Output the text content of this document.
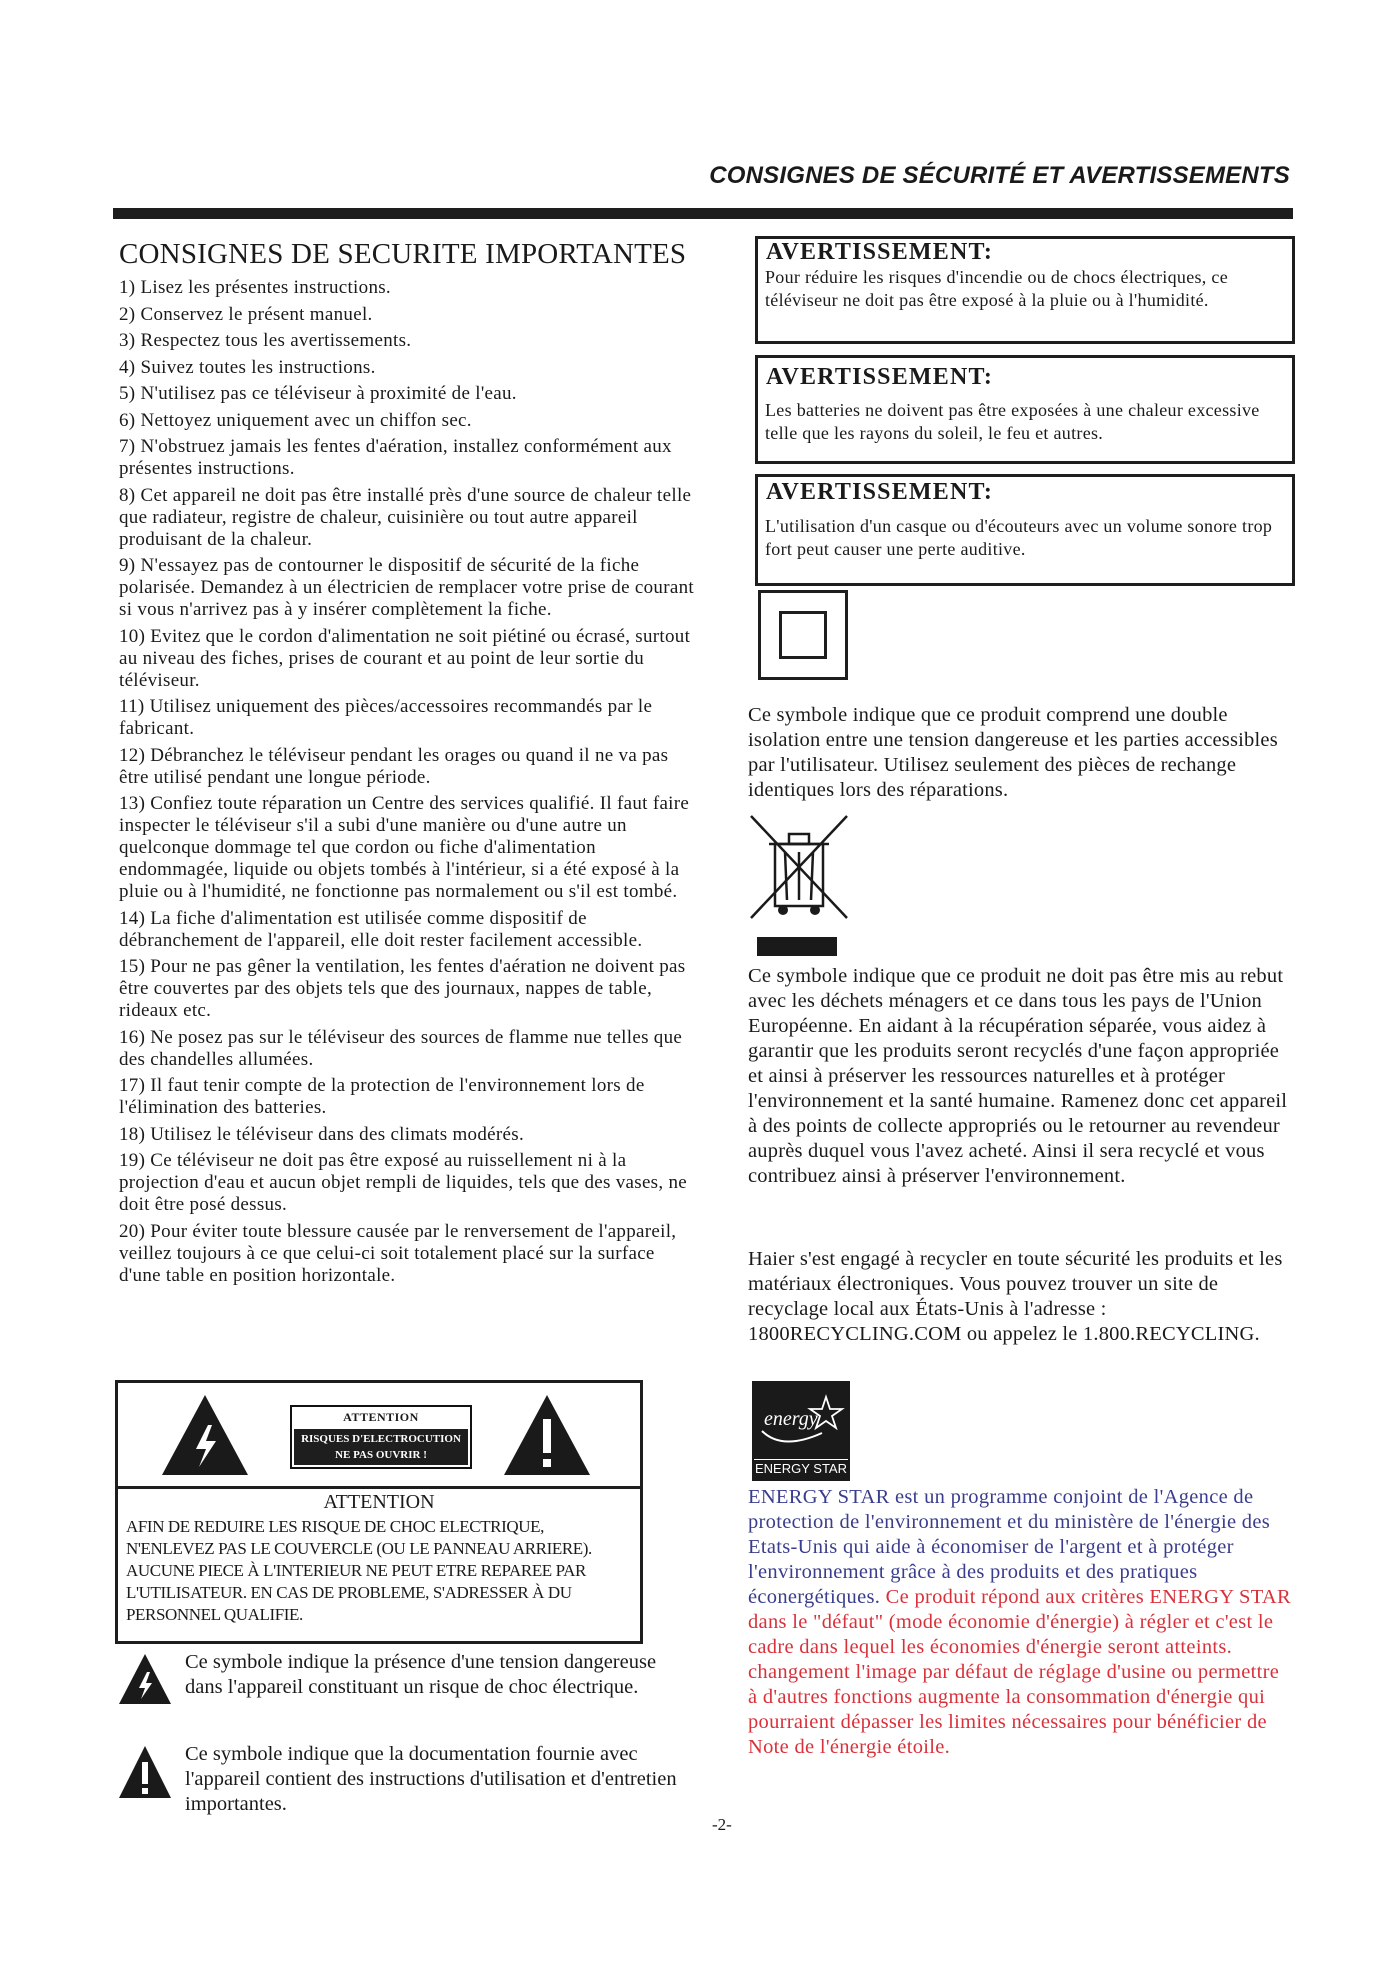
CONSIGNES DE SÉCURITÉ ET AVERTISSEMENTS
CONSIGNES DE SECURITE IMPORTANTES
1) Lisez les présentes instructions.
2) Conservez le présent manuel.
3) Respectez tous les avertissements.
4) Suivez toutes les instructions.
5) N'utilisez pas ce téléviseur à proximité de l'eau.
6) Nettoyez uniquement avec un chiffon sec.
7) N'obstruez jamais les fentes d'aération, installez conformément aux présentes instructions.
8) Cet appareil ne doit pas être installé près d'une source de chaleur telle que radiateur, registre de chaleur, cuisinière ou tout autre appareil produisant de la chaleur.
9) N'essayez pas de contourner le dispositif de sécurité de la fiche polarisée. Demandez à un électricien de remplacer votre prise de courant si vous n'arrivez pas à y insérer complètement la fiche.
10) Evitez que le cordon d'alimentation ne soit piétiné ou écrasé, surtout au niveau des fiches, prises de courant et au point de leur sortie du téléviseur.
11) Utilisez uniquement des pièces/accessoires recommandés par le fabricant.
12) Débranchez le téléviseur pendant les orages ou quand il ne va pas être utilisé pendant une longue période.
13) Confiez toute réparation un Centre des services qualifié. Il faut faire inspecter le téléviseur s'il a subi d'une manière ou d'une autre un quelconque dommage tel que cordon ou fiche d'alimentation endommagée, liquide ou objets tombés à l'intérieur, si a été exposé à la pluie ou à l'humidité, ne fonctionne pas normalement ou s'il est tombé.
14) La fiche d'alimentation est utilisée comme dispositif de débranchement de l'appareil, elle doit rester facilement accessible.
15) Pour ne pas gêner la ventilation, les fentes d'aération ne doivent pas être couvertes par des objets tels que des journaux, nappes de table, rideaux etc.
16) Ne posez pas sur le téléviseur des sources de flamme nue telles que des chandelles allumées.
17) Il faut tenir compte de la protection de l'environnement lors de l'élimination des batteries.
18) Utilisez le téléviseur dans des climats modérés.
19) Ce téléviseur ne doit pas être exposé au ruissellement ni à la projection d'eau et aucun objet rempli de liquides, tels que des vases, ne doit être posé dessus.
20) Pour éviter toute blessure causée par le renversement de l'appareil, veillez toujours à ce que celui-ci soit totalement placé sur la surface d'une table en position horizontale.
ATTENTION
RISQUES D'ELECTROCUTION
NE PAS OUVRIR !
ATTENTION
AFIN DE REDUIRE LES RISQUE DE CHOC ELECTRIQUE, N'ENLEVEZ PAS LE COUVERCLE (OU LE PANNEAU ARRIERE). AUCUNE PIECE À L'INTERIEUR NE PEUT ETRE REPAREE PAR L'UTILISATEUR. EN CAS DE PROBLEME, S'ADRESSER À DU PERSONNEL QUALIFIE.
Ce symbole indique la présence d'une tension dangereuse dans l'appareil constituant un risque de choc électrique.
Ce symbole indique que la documentation fournie avec l'appareil contient des instructions d'utilisation et d'entretien importantes.
AVERTISSEMENT:

Pour réduire les risques d'incendie ou de chocs électriques, ce téléviseur ne doit pas être exposé à la pluie ou à l'humidité.

AVERTISSEMENT:

Les batteries ne doivent pas être exposées à une chaleur excessive telle que les rayons du soleil, le feu et autres.

AVERTISSEMENT:

L'utilisation d'un casque ou d'écouteurs avec un volume sonore trop fort peut causer une perte auditive.

Ce symbole indique que ce produit comprend une double isolation entre une tension dangereuse et les parties accessibles par l'utilisateur. Utilisez seulement des pièces de rechange identiques lors des réparations.

Ce symbole indique que ce produit ne doit pas être mis au rebut avec les déchets ménagers et ce dans tous les pays de l'Union Européenne. En aidant à la récupération séparée, vous aidez à garantir que les produits seront recyclés d'une façon appropriée et ainsi à préserver les ressources naturelles et à protéger l'environnement et la santé humaine. Ramenez donc cet appareil à des points de collecte appropriés ou le retourner au revendeur auprès duquel vous l'avez acheté. Ainsi il sera recyclé et vous contribuez ainsi à préserver l'environnement.

Haier s'est engagé à recycler en toute sécurité les produits et les matériaux électroniques. Vous pouvez trouver un site de recyclage local aux États-Unis à l'adresse : 1800RECYCLING.COM ou appelez le 1.800.RECYCLING.

energy
ENERGY STAR
ENERGY STAR est un programme conjoint de l'Agence de protection de l'environnement et du ministère de l'énergie des Etats-Unis qui aide à économiser de l'argent et à protéger l'environnement grâce à des produits et des pratiques éconergétiques. Ce produit répond aux critères ENERGY STAR dans le "défaut" (mode économie d'énergie) à régler et c'est le cadre dans lequel les économies d'énergie seront atteints. changement l'image par défaut de réglage d'usine ou permettre à d'autres fonctions augmente la consommation d'énergie qui pourraient dépasser les limites nécessaires pour bénéficier de Note de l'énergie étoile.
-2-
